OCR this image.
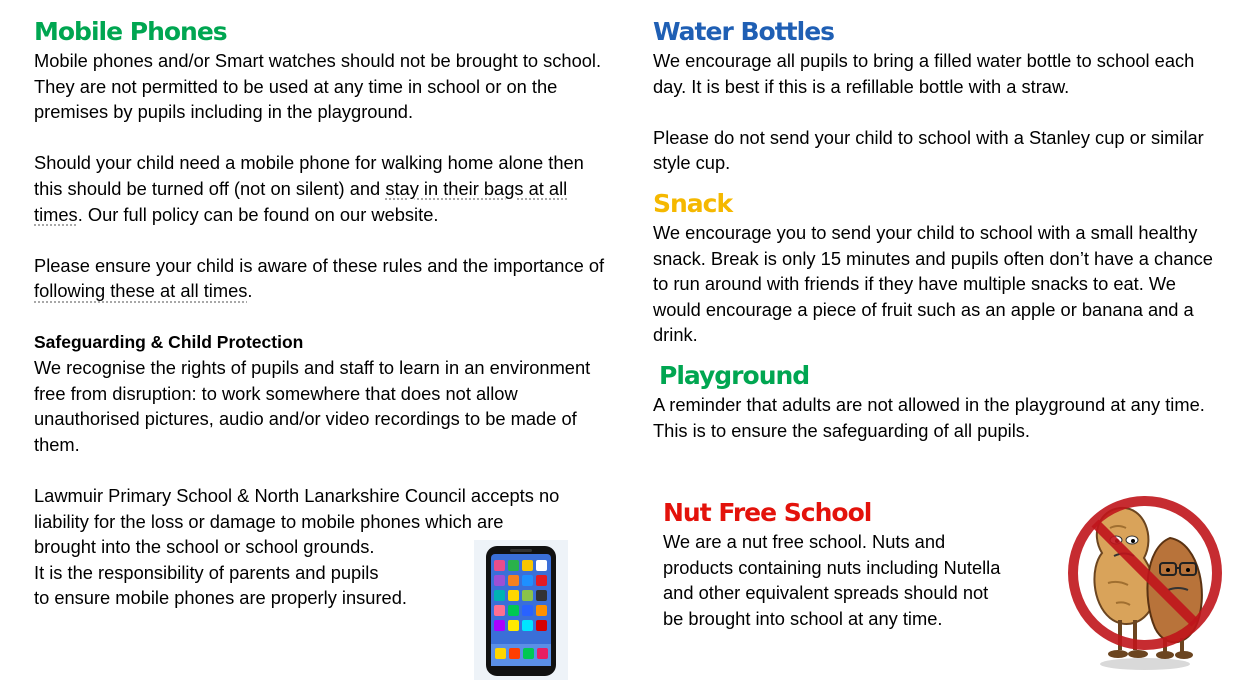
Mobile Phones

Mobile phones and/or Smart watches should not be brought to school. They are not permitted to be used at any time in school or on the premises by pupils including in the playground.

Should your child need a mobile phone for walking home alone then this should be turned off (not on silent) and stay in their bags at all times. Our full policy can be found on our website.

Please ensure your child is aware of these rules and the importance of following these at all times.

Safeguarding & Child Protection

We recognise the rights of pupils and staff to learn in an environment free from disruption: to work somewhere that does not allow unauthorised pictures, audio and/or video recordings to be made of them.

Lawmuir Primary School & North Lanarkshire Council accepts no

liability for the loss or damage to mobile phones which are

brought into the school or school grounds.

It is the responsibility of parents and pupils

to ensure mobile phones are properly insured.

Water Bottles

We encourage all pupils to bring a filled water bottle to school each day. It is best if this is a refillable bottle with a straw.

Please do not send your child to school with a Stanley cup or similar style cup.

Snack

We encourage you to send your child to school with a small healthy snack. Break is only 15 minutes and pupils often don’t have a chance to run around with friends if they have multiple snacks to eat. We would encourage a piece of fruit such as an apple or banana and a drink.

Playground

A reminder that adults are not allowed in the playground at any time. This is to ensure the safeguarding of all pupils.

Nut Free School

We are a nut free school. Nuts and products containing nuts including Nutella and other equivalent spreads should not be brought into school at any time.
